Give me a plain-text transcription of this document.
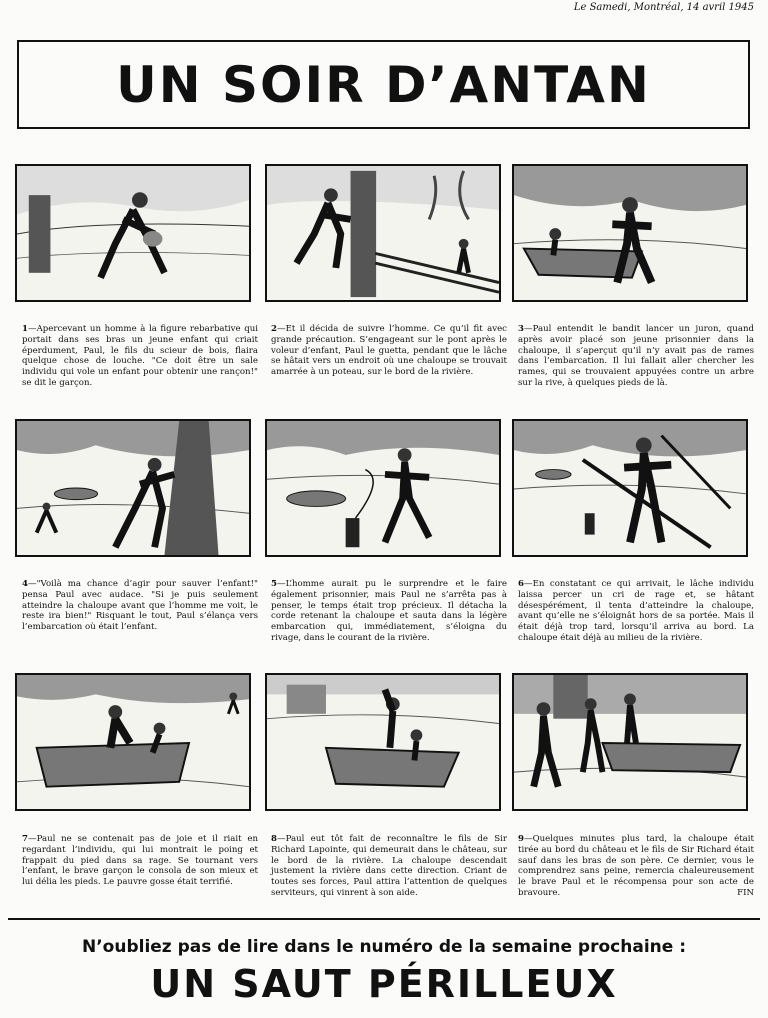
Le Samedi, Montréal, 14 avril 1945
UN SOIR D’ANTAN
1—Apercevant un homme à la figure rebarbative qui portait dans ses bras un jeune enfant qui criait éperdument, Paul, le fils du scieur de bois, flaira quelque chose de louche. "Ce doit être un sale individu qui vole un enfant pour obtenir une rançon!" se dit le garçon.
2—Et il décida de suivre l’homme. Ce qu’il fit avec grande précaution. S’engageant sur le pont après le voleur d’enfant, Paul le guetta, pendant que le lâche se hâtait vers un endroit où une chaloupe se trouvait amarrée à un poteau, sur le bord de la rivière.
3—Paul entendit le bandit lancer un juron, quand après avoir placé son jeune prisonnier dans la chaloupe, il s’aperçut qu’il n’y avait pas de rames dans l’embarcation. Il lui fallait aller chercher les rames, qui se trouvaient appuyées contre un arbre sur la rive, à quelques pieds de là.
4—"Voilà ma chance d’agir pour sauver l’enfant!" pensa Paul avec audace. "Si je puis seulement atteindre la chaloupe avant que l’homme me voit, le reste ira bien!" Risquant le tout, Paul s’élança vers l’embarcation où était l’enfant.
5—L’homme aurait pu le surprendre et le faire également prisonnier, mais Paul ne s’arrêta pas à penser, le temps était trop précieux. Il détacha la corde retenant la chaloupe et sauta dans la légère embarcation qui, immédiatement, s’éloigna du rivage, dans le courant de la rivière.
6—En constatant ce qui arrivait, le lâche individu laissa percer un cri de rage et, se hâtant désespérément, il tenta d’atteindre la chaloupe, avant qu’elle ne s’éloignât hors de sa portée. Mais il était déjà trop tard, lorsqu’il arriva au bord. La chaloupe était déjà au milieu de la rivière.
7—Paul ne se contenait pas de joie et il riait en regardant l’individu, qui lui montrait le poing et frappait du pied dans sa rage. Se tournant vers l’enfant, le brave garçon le consola de son mieux et lui délia les pieds. Le pauvre gosse était terrifié.
8—Paul eut tôt fait de reconnaître le fils de Sir Richard Lapointe, qui demeurait dans le château, sur le bord de la rivière. La chaloupe descendait justement la rivière dans cette direction. Criant de toutes ses forces, Paul attira l’attention de quelques serviteurs, qui vinrent à son aide.
9—Quelques minutes plus tard, la chaloupe était tirée au bord du château et le fils de Sir Richard était sauf dans les bras de son père. Ce dernier, vous le comprendrez sans peine, remercia chaleureusement le brave Paul et le récompensa pour son acte de bravoure.	FIN
N’oubliez pas de lire dans le numéro de la semaine prochaine :
UN SAUT PÉRILLEUX
